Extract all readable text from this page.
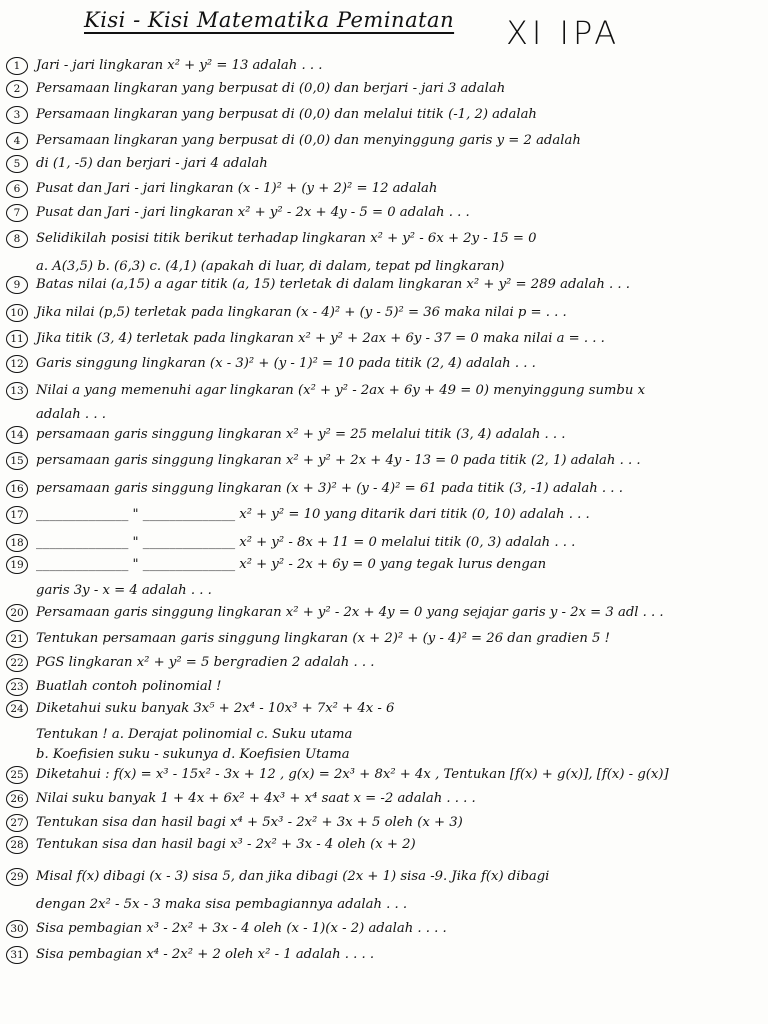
Kisi - Kisi Matematika Peminatan XI IPA
1	Jari - jari lingkaran x² + y² = 13 adalah . . .
2	Persamaan lingkaran yang berpusat di (0,0) dan berjari - jari 3 adalah
3	Persamaan lingkaran yang berpusat di (0,0) dan melalui titik (-1, 2) adalah
4	Persamaan lingkaran yang berpusat di (0,0) dan menyinggung garis y = 2 adalah
5	di (1, -5) dan berjari - jari 4 adalah
6	Pusat dan Jari - jari lingkaran (x - 1)² + (y + 2)² = 12 adalah
7	Pusat dan Jari - jari lingkaran x² + y² - 2x + 4y - 5 = 0 adalah . . .
8	Selidikilah posisi titik berikut terhadap lingkaran x² + y² - 6x + 2y - 15 = 0
a. A(3,5) b. (6,3) c. (4,1) (apakah di luar, di dalam, tepat pd lingkaran)
9	Batas nilai (a,15) a agar titik (a, 15) terletak di dalam lingkaran x² + y² = 289 adalah . . .
10 Jika nilai (p,5) terletak pada lingkaran (x - 4)² + (y - 5)² = 36 maka nilai p = . . .
11 Jika titik (3, 4) terletak pada lingkaran x² + y² + 2ax + 6y - 37 = 0 maka nilai a = . . .
12 Garis singgung lingkaran (x - 3)² + (y - 1)² = 10 pada titik (2, 4) adalah . . .
13 Nilai a yang memenuhi agar lingkaran (x² + y² - 2ax + 6y + 49 = 0) menyinggung sumbu x
adalah . . .
14 persamaan garis singgung lingkaran x² + y² = 25 melalui titik (3, 4) adalah . . .
15 persamaan garis singgung lingkaran x² + y² + 2x + 4y - 13 = 0 pada titik (2, 1) adalah . . .
16 persamaan garis singgung lingkaran (x + 3)² + (y - 4)² = 61 pada titik (3, -1) adalah . . .
17 ______________ " ______________ x² + y² = 10 yang ditarik dari titik (0, 10) adalah . . .
18 ______________ " ______________ x² + y² - 8x + 11 = 0 melalui titik (0, 3) adalah . . .
19 ______________ " ______________ x² + y² - 2x + 6y = 0 yang tegak lurus dengan
garis 3y - x = 4 adalah . . .
20 Persamaan garis singgung lingkaran x² + y² - 2x + 4y = 0 yang sejajar garis y - 2x = 3 adl . . .
21 Tentukan persamaan garis singgung lingkaran (x + 2)² + (y - 4)² = 26 dan gradien 5 !
22 PGS lingkaran x² + y² = 5 bergradien 2 adalah . . .
23 Buatlah contoh polinomial !
24 Diketahui suku banyak 3x⁵ + 2x⁴ - 10x³ + 7x² + 4x - 6
Tentukan ! a. Derajat polinomial c. Suku utama
b. Koefisien suku - sukunya d. Koefisien Utama
25 Diketahui : f(x) = x³ - 15x² - 3x + 12 , g(x) = 2x³ + 8x² + 4x , Tentukan [f(x) + g(x)], [f(x) - g(x)]
26 Nilai suku banyak 1 + 4x + 6x² + 4x³ + x⁴ saat x = -2 adalah . . . .
27 Tentukan sisa dan hasil bagi x⁴ + 5x³ - 2x² + 3x + 5 oleh (x + 3)
28 Tentukan sisa dan hasil bagi x³ - 2x² + 3x - 4 oleh (x + 2)
29 Misal f(x) dibagi (x - 3) sisa 5, dan jika dibagi (2x + 1) sisa -9. Jika f(x) dibagi
dengan 2x² - 5x - 3 maka sisa pembagiannya adalah . . .
30 Sisa pembagian x³ - 2x² + 3x - 4 oleh (x - 1)(x - 2) adalah . . . .
31 Sisa pembagian x⁴ - 2x² + 2 oleh x² - 1 adalah . . . .
